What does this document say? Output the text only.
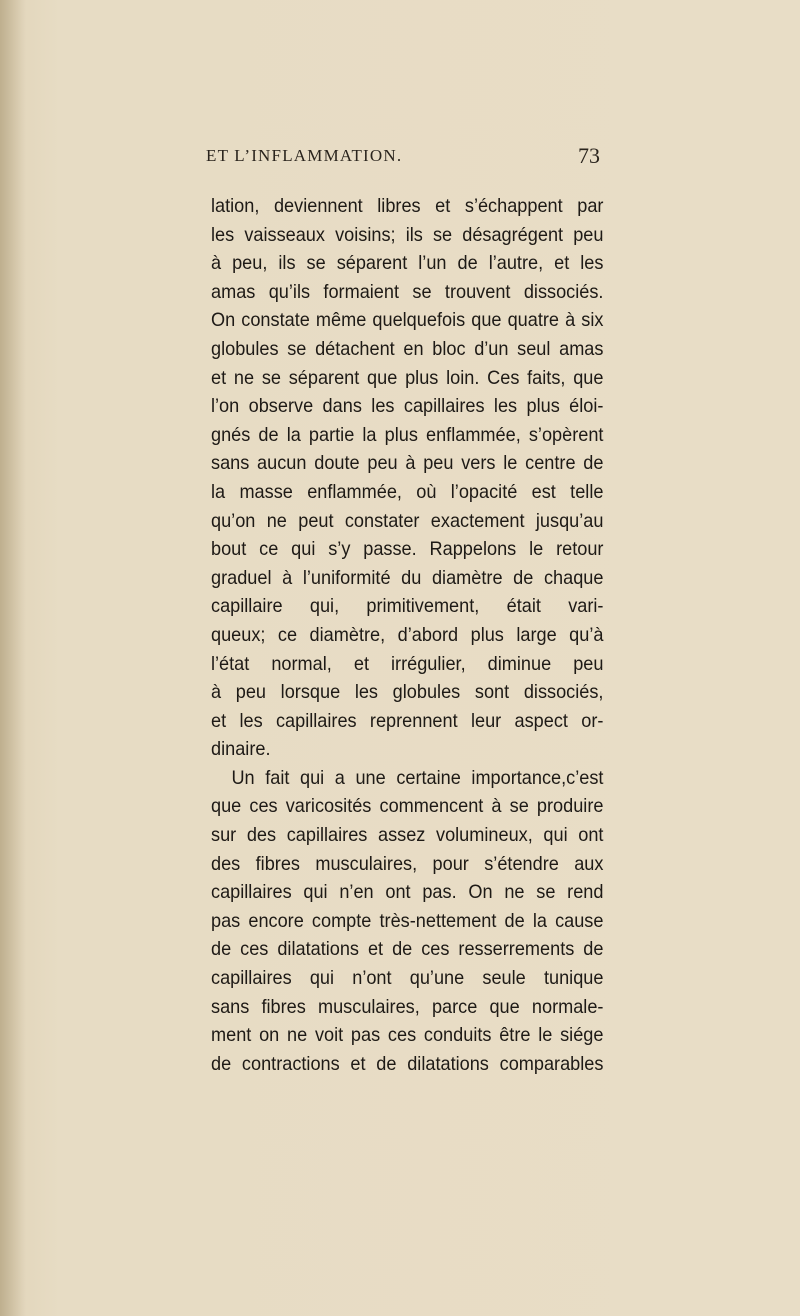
ET L’INFLAMMATION.	73
lation, deviennent libres et s’échappent par
les vaisseaux voisins; ils se désagrégent peu
à peu, ils se séparent l’un de l’autre, et les
amas qu’ils formaient se trouvent dissociés.
On constate même quelquefois que quatre à six
globules se détachent en bloc d’un seul amas
et ne se séparent que plus loin. Ces faits, que
l’on observe dans les capillaires les plus éloi-
gnés de la partie la plus enflammée, s’opèrent
sans aucun doute peu à peu vers le centre de
la masse enflammée, où l’opacité est telle
qu’on ne peut constater exactement jusqu’au
bout ce qui s’y passe. Rappelons le retour
graduel à l’uniformité du diamètre de chaque
capillaire qui, primitivement, était vari-
queux; ce diamètre, d’abord plus large qu’à
l’état normal, et irrégulier, diminue peu
à peu lorsque les globules sont dissociés,
et les capillaires reprennent leur aspect or-
dinaire.
Un fait qui a une certaine importance,c’est
que ces varicosités commencent à se produire
sur des capillaires assez volumineux, qui ont
des fibres musculaires, pour s’étendre aux
capillaires qui n’en ont pas. On ne se rend
pas encore compte très-nettement de la cause
de ces dilatations et de ces resserrements de
capillaires qui n’ont qu’une seule tunique
sans fibres musculaires, parce que normale-
ment on ne voit pas ces conduits être le siége
de contractions et de dilatations comparables
